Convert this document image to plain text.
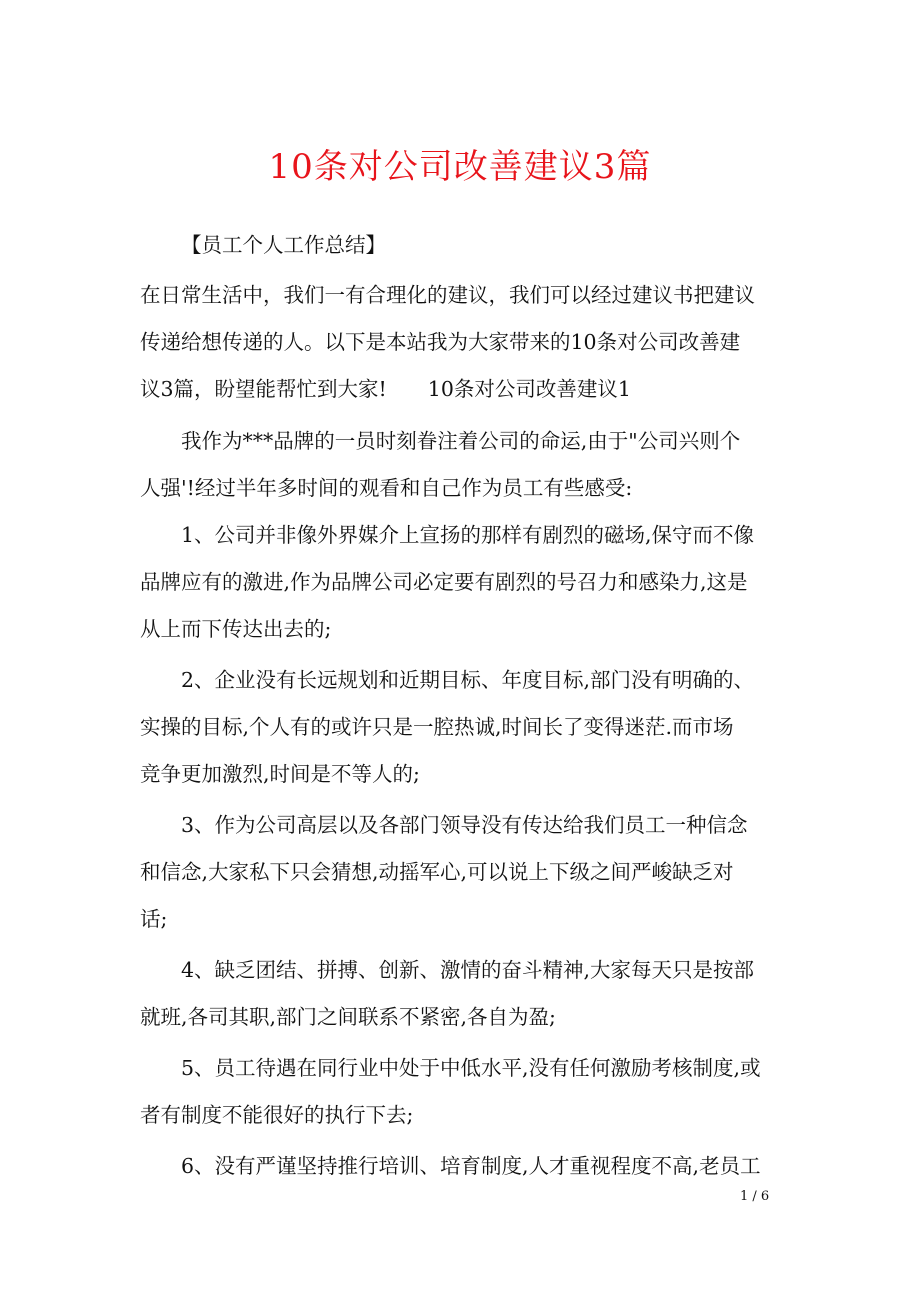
10条对公司改善建议3篇
【员工个人工作总结】
在日常生活中，我们一有合理化的建议，我们可以经过建议书把建议
传递给想传递的人。以下是本站我为大家带来的10条对公司改善建
议3篇，盼望能帮忙到大家!　　10条对公司改善建议1
我作为***品牌的一员时刻眷注着公司的命运,由于"公司兴则个
人强'!经过半年多时间的观看和自己作为员工有些感受:
1、公司并非像外界媒介上宣扬的那样有剧烈的磁场,保守而不像
品牌应有的激进,作为品牌公司必定要有剧烈的号召力和感染力,这是
从上而下传达出去的;
2、企业没有长远规划和近期目标、年度目标,部门没有明确的、
实操的目标,个人有的或许只是一腔热诚,时间长了变得迷茫.而市场
竞争更加激烈,时间是不等人的;
3、作为公司高层以及各部门领导没有传达给我们员工一种信念
和信念,大家私下只会猜想,动摇军心,可以说上下级之间严峻缺乏对
话;
4、缺乏团结、拼搏、创新、激情的奋斗精神,大家每天只是按部
就班,各司其职,部门之间联系不紧密,各自为盈;
5、员工待遇在同行业中处于中低水平,没有任何激励考核制度,或
者有制度不能很好的执行下去;
6、没有严谨坚持推行培训、培育制度,人才重视程度不高,老员工
1 / 6
